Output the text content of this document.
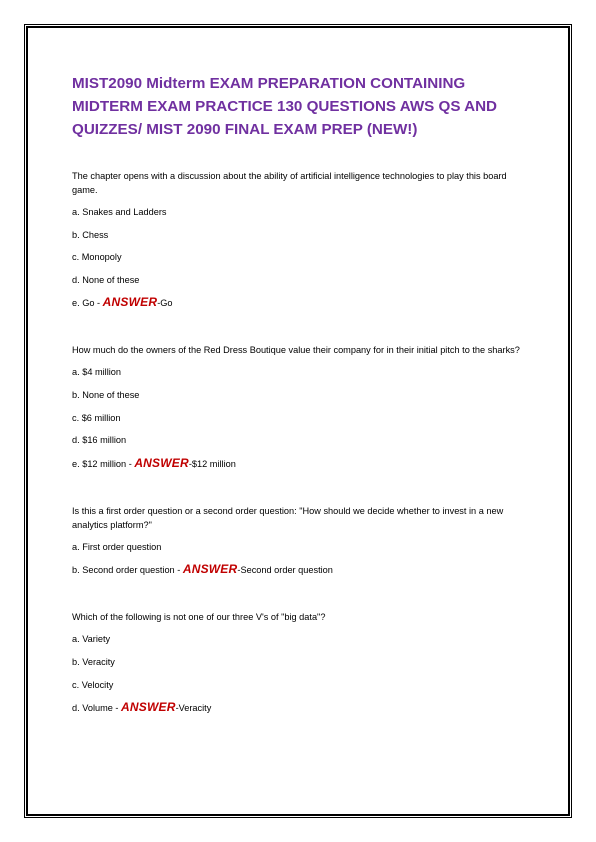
MIST2090 Midterm EXAM PREPARATION CONTAINING MIDTERM EXAM PRACTICE 130 QUESTIONS AWS QS AND QUIZZES/ MIST 2090 FINAL EXAM PREP (NEW!)

The chapter opens with a discussion about the ability of artificial intelligence technologies to play this board game.

a. Snakes and Ladders

b. Chess

c. Monopoly

d. None of these

e. Go - ANSWER-Go

How much do the owners of the Red Dress Boutique value their company for in their initial pitch to the sharks?

a. $4 million

b. None of these

c. $6 million

d. $16 million

e. $12 million - ANSWER-$12 million

Is this a first order question or a second order question: "How should we decide whether to invest in a new analytics platform?"

a. First order question

b. Second order question - ANSWER-Second order question

Which of the following is not one of our three V's of "big data"?

a. Variety

b. Veracity

c. Velocity

d. Volume - ANSWER-Veracity
